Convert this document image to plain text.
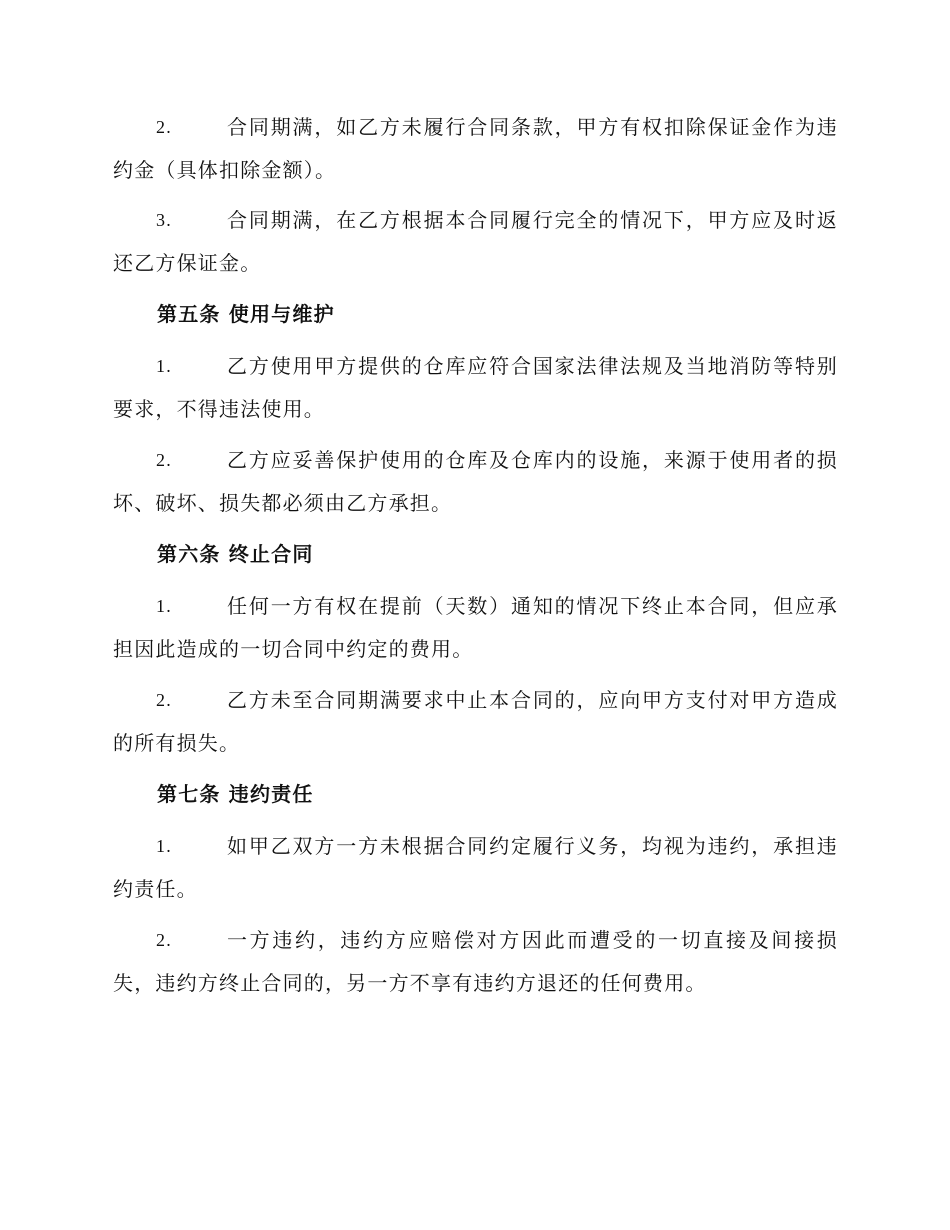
2.	合同期满，如乙方未履行合同条款，甲方有权扣除保证金作为违约金（具体扣除金额）。
3.	合同期满，在乙方根据本合同履行完全的情况下，甲方应及时返还乙方保证金。
第五条 使用与维护
1.	乙方使用甲方提供的仓库应符合国家法律法规及当地消防等特别要求，不得违法使用。
2.	乙方应妥善保护使用的仓库及仓库内的设施，来源于使用者的损坏、破坏、损失都必须由乙方承担。
第六条 终止合同
1.	任何一方有权在提前（天数）通知的情况下终止本合同，但应承担因此造成的一切合同中约定的费用。
2.	乙方未至合同期满要求中止本合同的，应向甲方支付对甲方造成的所有损失。
第七条 违约责任
1.	如甲乙双方一方未根据合同约定履行义务，均视为违约，承担违约责任。
2.	一方违约，违约方应赔偿对方因此而遭受的一切直接及间接损失，违约方终止合同的，另一方不享有违约方退还的任何费用。
